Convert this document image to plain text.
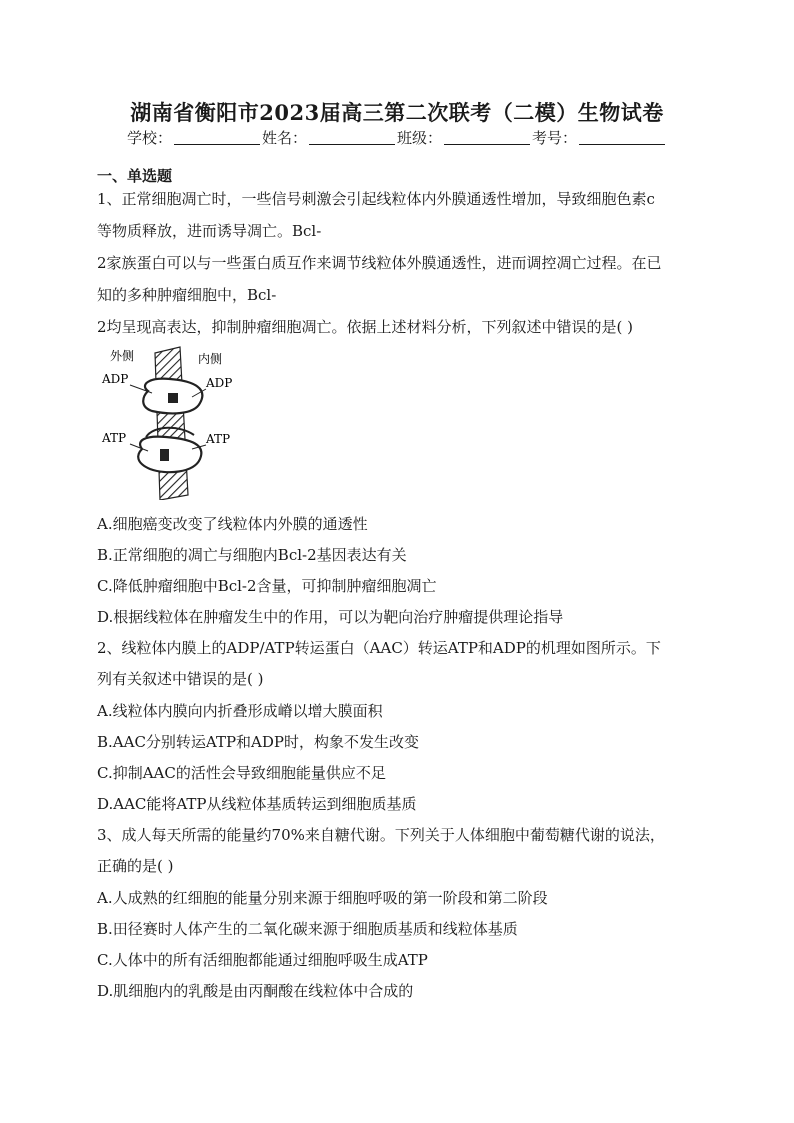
湖南省衡阳市2023届高三第二次联考（二模）生物试卷
学校：	姓名：	班级：	考号：
一、单选题
1、正常细胞凋亡时，一些信号刺激会引起线粒体内外膜通透性增加，导致细胞色素c
等物质释放，进而诱导凋亡。Bcl-
2家族蛋白可以与一些蛋白质互作来调节线粒体外膜通透性，进而调控凋亡过程。在已
知的多种肿瘤细胞中，Bcl-
2均呈现高表达，抑制肿瘤细胞凋亡。依据上述材料分析，下列叙述中错误的是( )
外侧	内侧
ADP	ADP
ATP	ATP
A.细胞癌变改变了线粒体内外膜的通透性
B.正常细胞的凋亡与细胞内Bcl-2基因表达有关
C.降低肿瘤细胞中Bcl-2含量，可抑制肿瘤细胞凋亡
D.根据线粒体在肿瘤发生中的作用，可以为靶向治疗肿瘤提供理论指导
2、线粒体内膜上的ADP/ATP转运蛋白（AAC）转运ATP和ADP的机理如图所示。下
列有关叙述中错误的是( )
A.线粒体内膜向内折叠形成嵴以增大膜面积
B.AAC分别转运ATP和ADP时，构象不发生改变
C.抑制AAC的活性会导致细胞能量供应不足
D.AAC能将ATP从线粒体基质转运到细胞质基质
3、成人每天所需的能量约70%来自糖代谢。下列关于人体细胞中葡萄糖代谢的说法，
正确的是( )
A.人成熟的红细胞的能量分别来源于细胞呼吸的第一阶段和第二阶段
B.田径赛时人体产生的二氧化碳来源于细胞质基质和线粒体基质
C.人体中的所有活细胞都能通过细胞呼吸生成ATP
D.肌细胞内的乳酸是由丙酮酸在线粒体中合成的
